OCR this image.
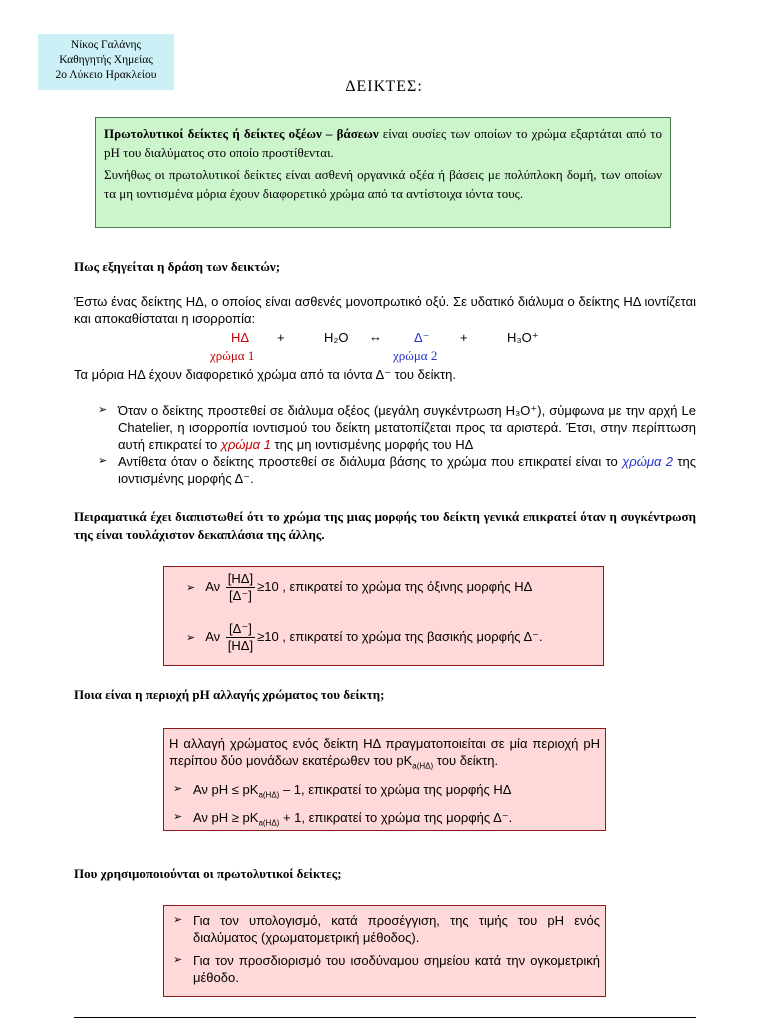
Νίκος Γαλάνης
Καθηγητής Χημείας
2ο Λύκειο Ηρακλείου
ΔΕΙΚΤΕΣ:

Πρωτολυτικοί δείκτες ή δείκτες οξέων – βάσεων είναι ουσίες των οποίων το χρώμα εξαρτάται από το pH του διαλύματος στο οποίο προστίθενται.

Συνήθως οι πρωτολυτικοί δείκτες είναι ασθενή οργανικά οξέα ή βάσεις με πολύπλοκη δομή, των οποίων τα μη ιοντισμένα μόρια έχουν διαφορετικό χρώμα από τα αντίστοιχα ιόντα τους.

Πως εξηγείται η δράση των δεικτών;
Έστω ένας δείκτης ΗΔ, ο οποίος είναι ασθενές μονοπρωτικό οξύ. Σε υδατικό διάλυμα ο δείκτης ΗΔ ιοντίζεται και αποκαθίσταται η ισορροπία:
ΗΔ +	H₂O ↔ Δ⁻ +	H₃O⁺
χρώμα 1	χρώμα 2
Τα μόρια ΗΔ έχουν διαφορετικό χρώμα από τα ιόντα Δ⁻ του δείκτη.
➢ Όταν ο δείκτης προστεθεί σε διάλυμα οξέος (μεγάλη συγκέντρωση H₃O⁺), σύμφωνα με την αρχή Le Chatelier, η ισορροπία ιοντισμού του δείκτη μετατοπίζεται προς τα αριστερά. Έτσι, στην περίπτωση αυτή επικρατεί το χρώμα 1 της μη ιοντισμένης μορφής του ΗΔ
➢ Αντίθετα όταν ο δείκτης προστεθεί σε διάλυμα βάσης το χρώμα που επικρατεί είναι το χρώμα 2 της ιοντισμένης μορφής Δ⁻.
Πειραματικά έχει διαπιστωθεί ότι το χρώμα της μιας μορφής του δείκτη γενικά επικρατεί όταν η συγκέντρωση της είναι τουλάχιστον δεκαπλάσια της άλλης.
➢ Αν $\frac{[H\Delta]}{[\Delta^-]} \ge 10$ , επικρατεί το χρώμα της όξινης μορφής ΗΔ
➢ Αν $\frac{[\Delta^-]}{[H\Delta]} \ge 10$ , επικρατεί το χρώμα της βασικής μορφής Δ⁻.
Ποια είναι η περιοχή pH αλλαγής χρώματος του δείκτη;
Η αλλαγή χρώματος ενός δείκτη ΗΔ πραγματοποιείται σε μία περιοχή pH περίπου δύο μονάδων εκατέρωθεν του $pK_{a(H\Delta)}$ του δείκτη.
➢ Αν pH ≤ $pK_{a(H\Delta)} - 1$, επικρατεί το χρώμα της μορφής ΗΔ
➢ Αν pH ≥ $pK_{a(H\Delta)} + 1$, επικρατεί το χρώμα της μορφής Δ⁻.
Που χρησιμοποιούνται οι πρωτολυτικοί δείκτες;
➢ Για τον υπολογισμό, κατά προσέγγιση, της τιμής του pH ενός διαλύματος (χρωματομετρική μέθοδος).
➢ Για τον προσδιορισμό του ισοδύναμου σημείου κατά την ογκομετρική μέθοδο.
